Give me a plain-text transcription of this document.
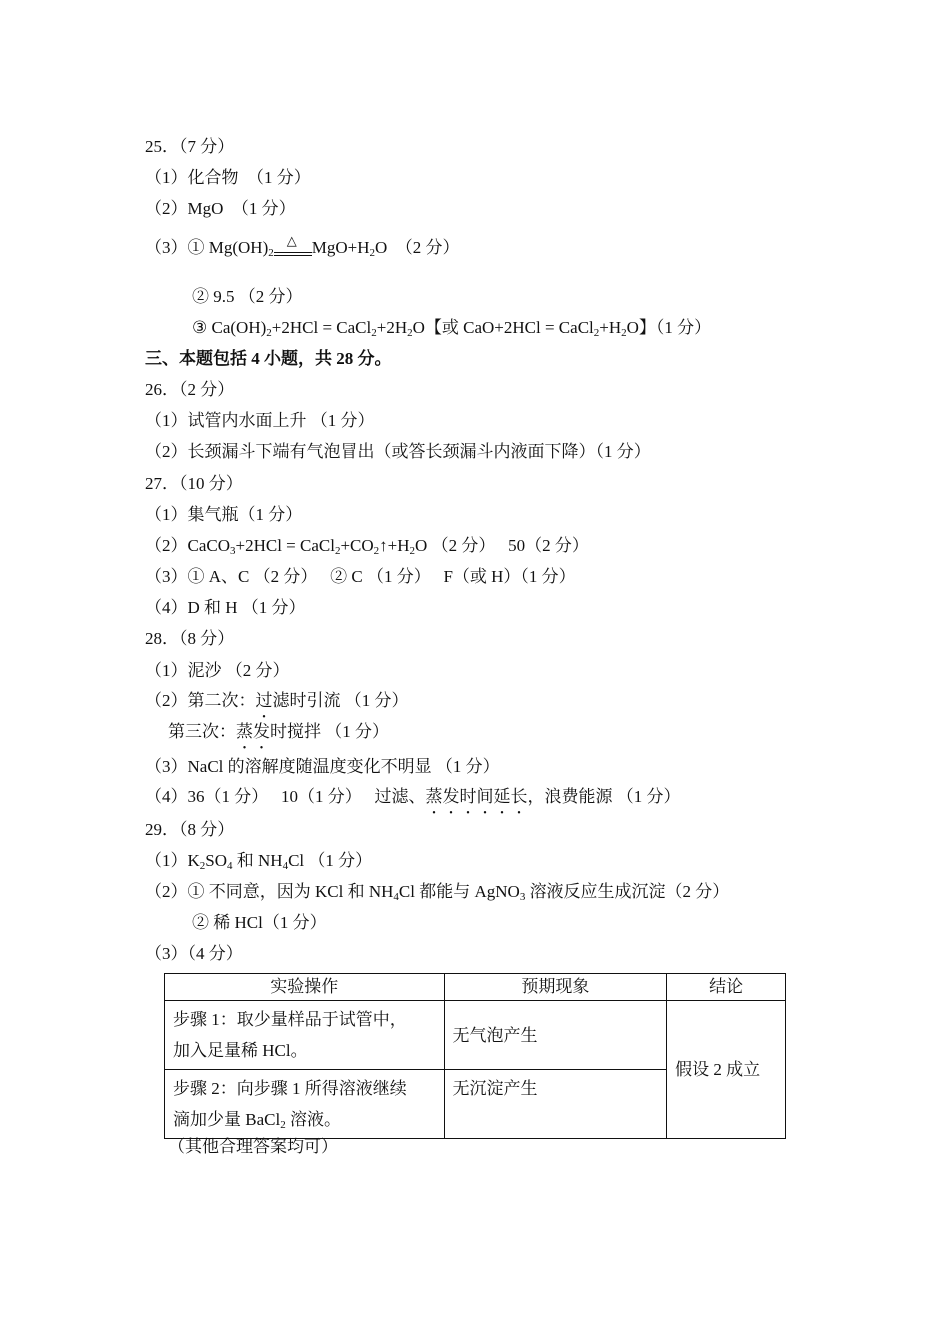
25．（7 分）
（1）化合物　（1 分）
（2）MgO　（1 分）
（3）① $Mg(OH)_2$
△ $MgO+H_2O$　（2 分）
② 9.5 （2 分）
③ $Ca(OH)_2+2HCl$ = $CaCl_2+2H_2O$【或 $CaO+2HCl = CaCl_2+H_2O$】（1 分）
三、本题包括 4 小题，共 28 分。
26．（2 分）
（1）试管内水面上升 （1 分）
（2）长颈漏斗下端有气泡冒出（或答长颈漏斗内液面下降）（1 分）
27．（10 分）
（1）集气瓶（1 分）
（2）CaCO$_3$+2HCl = $CaCl_2+CO_2↑+H_2O$ （2 分）　 50（2 分）
（3）① A、C （2 分）　 ② C （1 分）　 F（或 H）（1 分）
（4）D 和 H （1 分）
28．（8 分）
（1）泥沙 （2 分）
（2）第二次：过滤时引流 （1 分）
第三次：蒸发时搅拌 （1 分）
（3）NaCl 的溶解度随温度变化不明显 （1 分）
（4）36（1 分）　 10（1 分）　 过滤、蒸发时间延长，浪费能源 （1 分）
29．（8 分）
$(1)K_2SO_4$ 和 $NH_4Cl$ （1 分）
（2）① 不同意，因为 KCl 和 $NH_4Cl$ 都能与 AgNO$_3$ 溶液反应生成沉淀（2 分）
② 稀 HCl（1 分）
（3）（4 分）
实验操作	预期现象	结论

步骤 1：取少量样品于试管中，
加入足量稀 HCl。	无气泡产生	假设 2 成立

步骤 2：向步骤 1 所得溶液继续
滴加少量 BaCl$_2$ 溶液。	无沉淀产生	
（其他合理答案均可）
